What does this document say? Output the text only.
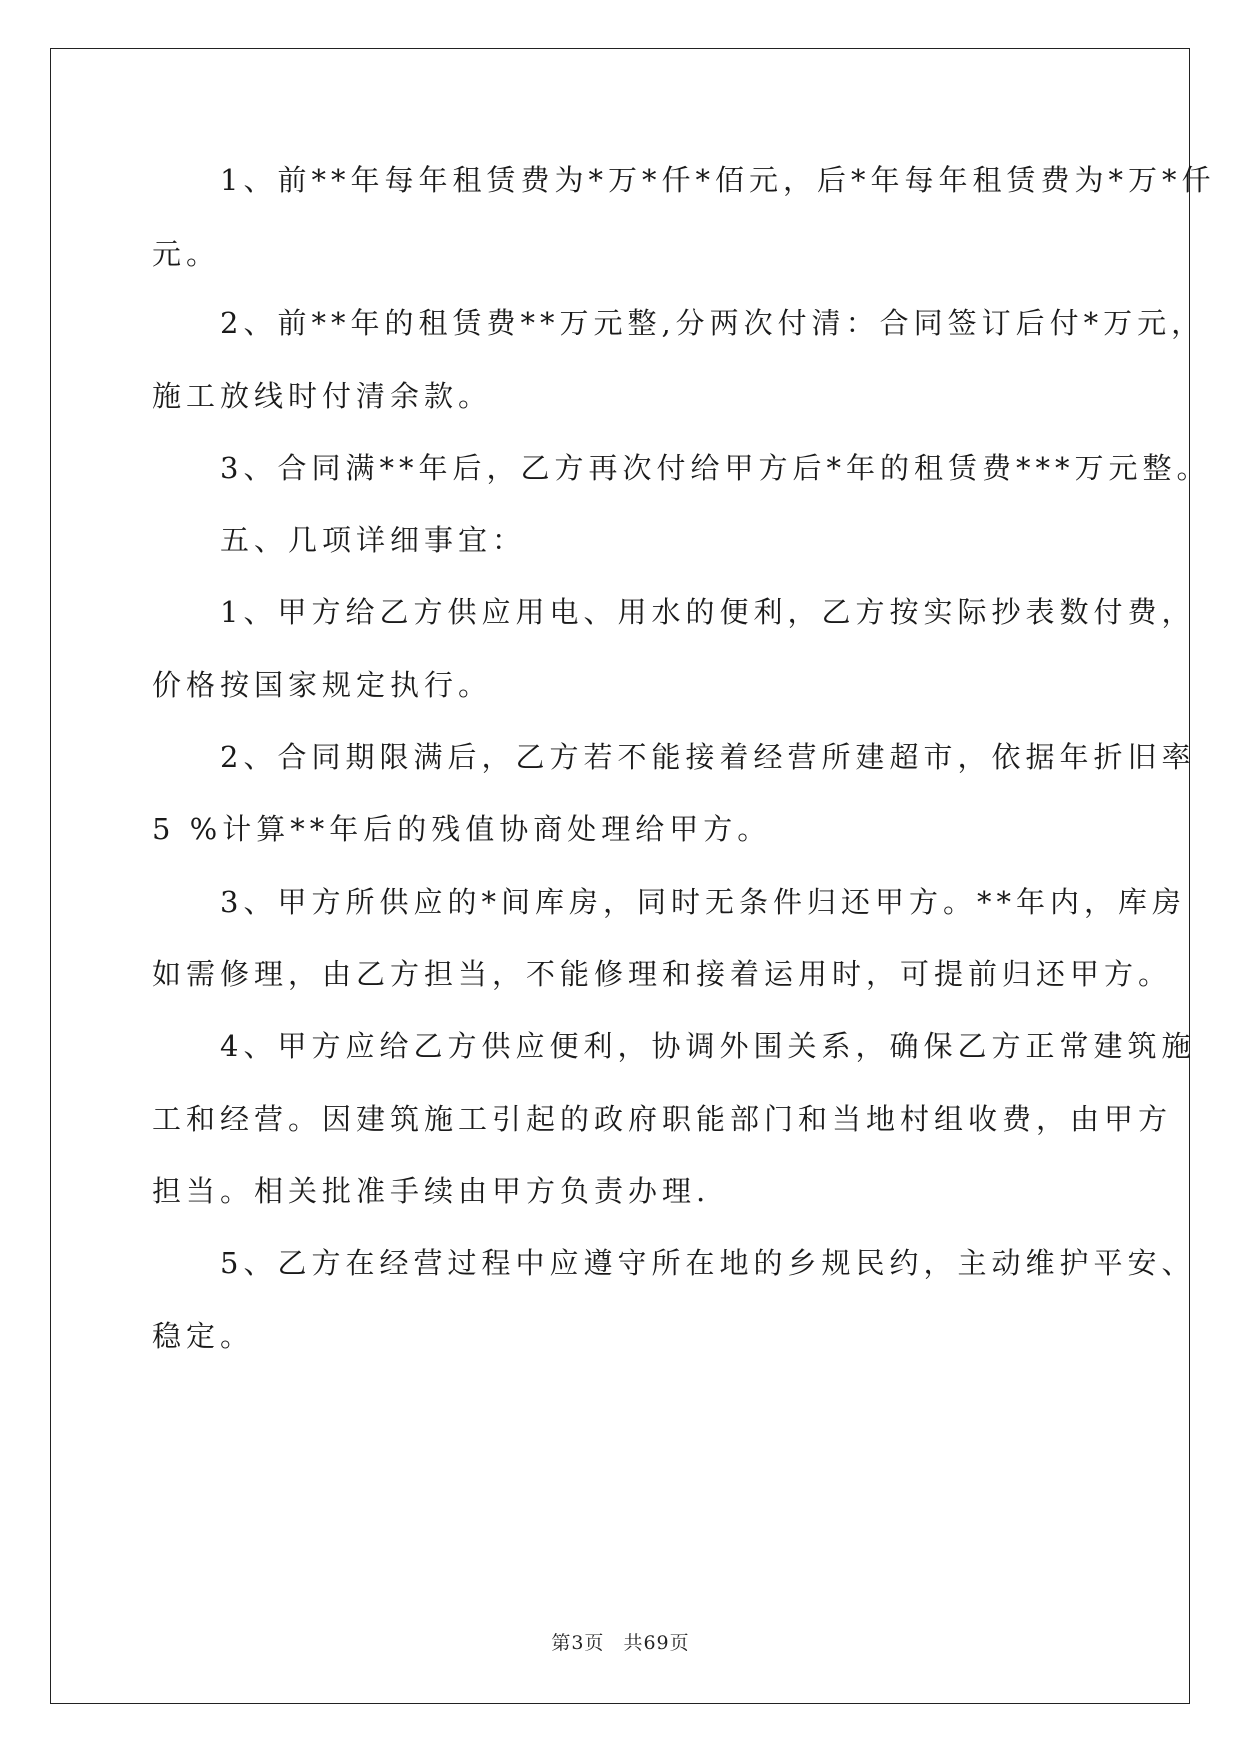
　　1、前**年每年租赁费为*万*仟*佰元，后*年每年租赁费为*万*仟
元。
　　2、前**年的租赁费**万元整,分两次付清：合同签订后付*万元，
施工放线时付清余款。
　　3、合同满**年后，乙方再次付给甲方后*年的租赁费***万元整。
　　五、几项详细事宜：
　　1、甲方给乙方供应用电、用水的便利，乙方按实际抄表数付费，
价格按国家规定执行。
　　2、合同期限满后，乙方若不能接着经营所建超市，依据年折旧率
5 %计算**年后的残值协商处理给甲方。
　　3、甲方所供应的*间库房，同时无条件归还甲方。**年内，库房
如需修理，由乙方担当，不能修理和接着运用时，可提前归还甲方。
　　4、甲方应给乙方供应便利，协调外围关系，确保乙方正常建筑施
工和经营。因建筑施工引起的政府职能部门和当地村组收费，由甲方
担当。相关批准手续由甲方负责办理.
　　5、乙方在经营过程中应遵守所在地的乡规民约，主动维护平安、
稳定。
第3页 共69页
